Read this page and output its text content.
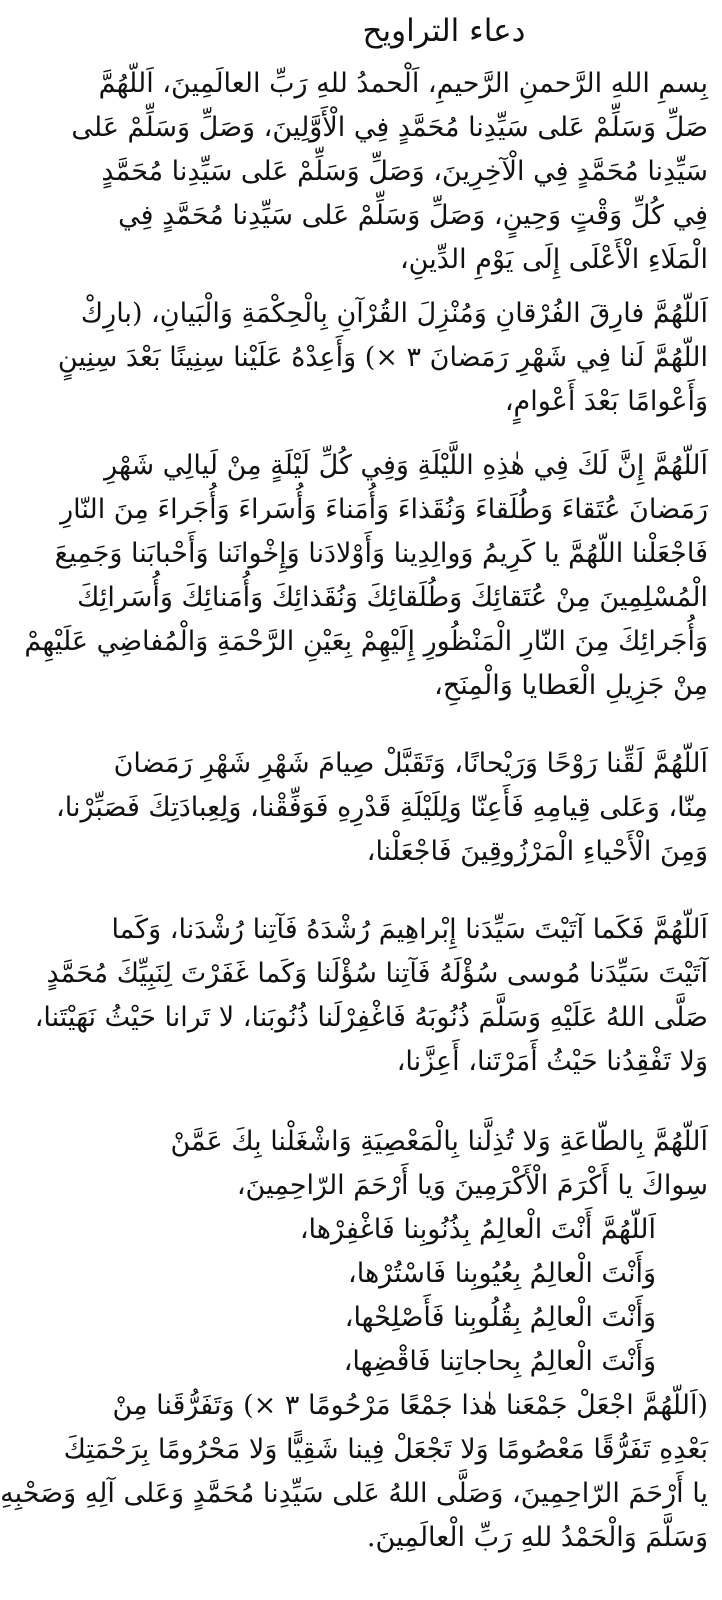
دعاء التراويح

بِسمِ اللهِ الرَّحمنِ الرَّحيمِ، اَلْحمدُ للهِ رَبِّ العالَمِينَ، اَللّهُمَّ
صَلِّ وَسَلِّمْ عَلى سَيِّدِنا مُحَمَّدٍ فِي الْأَوَّلِينَ، وَصَلِّ وَسَلِّمْ عَلى
سَيِّدِنا مُحَمَّدٍ فِي الْآخِرِينَ، وَصَلِّ وَسَلِّمْ عَلى سَيِّدِنا مُحَمَّدٍ
فِي كُلِّ وَقْتٍ وَحِينٍ، وَصَلِّ وَسَلِّمْ عَلى سَيِّدِنا مُحَمَّدٍ فِي
الْمَلَاءِ الْأَعْلَى إِلَى يَوْمِ الدِّينِ،

اَللّهُمَّ فارِقَ الفُرْقانِ وَمُنْزِلَ القُرْآنِ بِالْحِكْمَةِ وَالْبَيانِ، (بارِكْ
اللّهُمَّ لَنا فِي شَهْرِ رَمَضانَ ٣ ×) وَأَعِدْهُ عَلَيْنا سِنِينًا بَعْدَ سِنِينٍ
وَأَعْوامًا بَعْدَ أَعْوامٍ،

اَللّهُمَّ إِنَّ لَكَ فِي هٰذِهِ اللَّيْلَةِ وَفِي كُلِّ لَيْلَةٍ مِنْ لَيالِي شَهْرِ
رَمَضانَ عُتَقاءَ وَطُلَقاءَ وَنُقَذاءَ وَأُمَناءَ وَأُسَراءَ وَأُجَراءَ مِنَ النّارِ
فَاجْعَلْنا اللّهُمَّ يا كَرِيمُ وَوالِدِينا وَأَوْلادَنا وَإِخْوانَنا وَأَحْبابَنا وَجَمِيعَ
الْمُسْلِمِينَ مِنْ عُتَقائِكَ وَطُلَقائِكَ وَنُقَذائِكَ وَأُمَنائِكَ وَأُسَرائِكَ
وَأُجَرائِكَ مِنَ النّارِ الْمَنْظُورِ إِلَيْهِمْ بِعَيْنِ الرَّحْمَةِ وَالْمُفاضِي عَلَيْهِمْ
مِنْ جَزِيلِ الْعَطايا وَالْمِنَحِ،

اَللّهُمَّ لَقِّنا رَوْحًا وَرَيْحانًا، وَتَقَبَّلْ صِيامَ شَهْرِ شَهْرِ رَمَضانَ
مِنّا، وَعَلى قِيامِهِ فَأَعِنّا وَلِلَيْلَةِ قَدْرِهِ فَوَفِّقْنا، وَلِعِبادَتِكَ فَصَبِّرْنا،
وَمِنَ الْأَحْياءِ الْمَرْزُوقِينَ فَاجْعَلْنا،

اَللّهُمَّ فَكَما آتَيْتَ سَيِّدَنا إِبْراهِيمَ رُشْدَهُ فَآتِنا رُشْدَنا، وَكَما
آتَيْتَ سَيِّدَنا مُوسى سُؤْلَهُ فَآتِنا سُؤْلَنا وَكَما غَفَرْتَ لِنَبِيِّكَ مُحَمَّدٍ
صَلَّى اللهُ عَلَيْهِ وَسَلَّمَ ذُنُوبَهُ فَاغْفِرْلَنا ذُنُوبَنا، لا تَرانا حَيْثُ نَهَيْتَنا،
وَلا تَفْقِدُنا حَيْثُ أَمَرْتَنا، أَعِزَّنا،

اَللّهُمَّ بِالطّاعَةِ وَلا تُذِلَّنا بِالْمَعْصِيَةِ وَاشْغَلْنا بِكَ عَمَّنْ
سِواكَ يا أَكْرَمَ الْأَكْرَمِينَ وَيا أَرْحَمَ الرّاحِمِينَ،
اَللّهُمَّ أَنْتَ الْعالِمُ بِذُنُوبِنا فَاغْفِرْها،
وَأَنْتَ الْعالِمُ بِعُيُوبِنا فَاسْتُرْها،
وَأَنْتَ الْعالِمُ بِقُلُوبِنا فَأَصْلِحْها،
وَأَنْتَ الْعالِمُ بِحاجاتِنا فَاقْضِها،
(اَللّهُمَّ اجْعَلْ جَمْعَنا هٰذا جَمْعًا مَرْحُومًا ٣ ×) وَتَفَرُّقَنا مِنْ
بَعْدِهِ تَفَرُّقًا مَعْصُومًا وَلا تَجْعَلْ فِينا شَقِيًّا وَلا مَحْرُومًا بِرَحْمَتِكَ
يا أَرْحَمَ الرّاحِمِينَ، وَصَلَّى اللهُ عَلى سَيِّدِنا مُحَمَّدٍ وَعَلى آلِهِ وَصَحْبِهِ
وَسَلَّمَ وَالْحَمْدُ للهِ رَبِّ الْعالَمِينَ.
